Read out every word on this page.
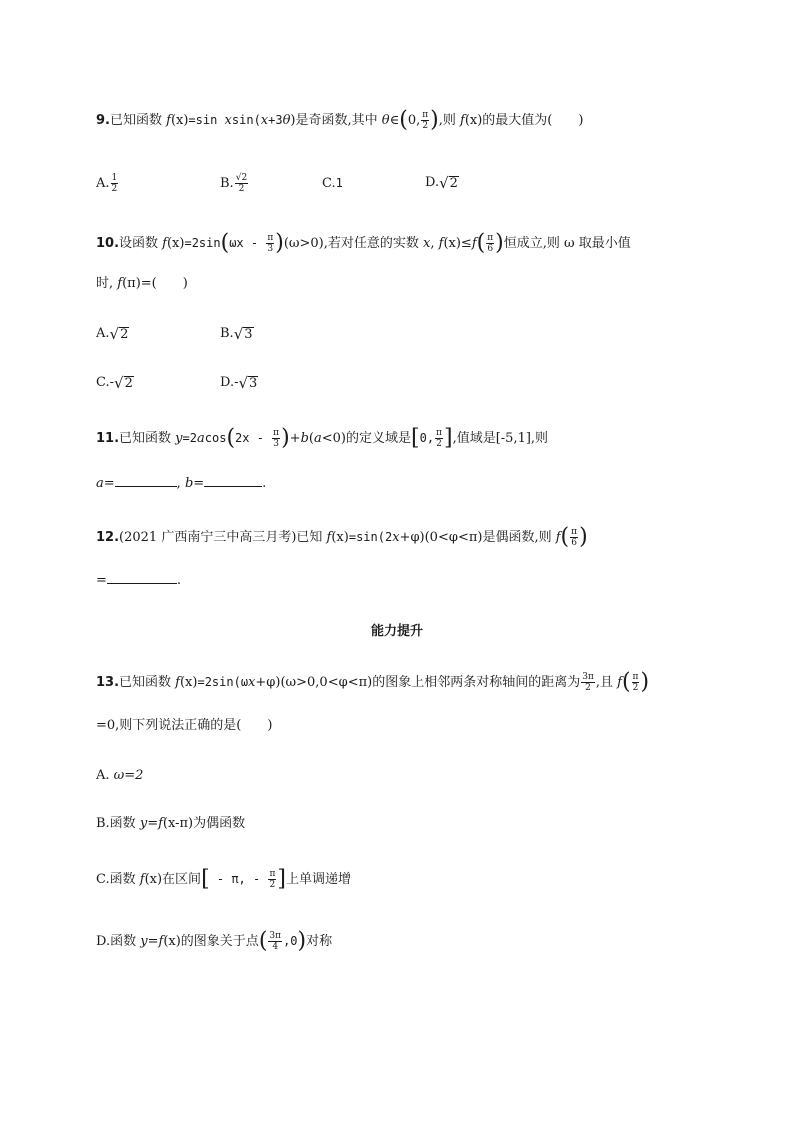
9.已知函数 f(x)=sin xsin(x+3θ)是奇函数,其中 θ∈(0, $\frac{\pi}{2}$ ),则 f(x)的最大值为(　　)
A. $\frac{1}{2}$	B. $\frac{√2}{2}$	C.1	D. √ 2
10.设函数 $f(x)=2\sin(\omega x - \frac{\pi}{3} )(\omega>0)$,若对任意的实数 x, $f(x)\le f( \frac{\pi}{6}$ )恒成立,则 ω 取最小值
时, f(π)=(　　)
A. √ 2	B. √ 3
C.- √ 2	D.- √ 3
11.已知函数 $y=2acos(2x - \frac{\pi}{3} )+b(a<0)$的定义域是[0, $\frac{\pi}{2}$ ],值域是[-5,1],则
a=	, b=	.
12.(2021 广西南宁三中高三月考)已知 f(x)=sin(2x+φ)(0<φ<π)是偶函数,则 $f( \frac{\pi}{6}$ )
=	.
能力提升
13.已知函数 f(x)=2sin(ωx+φ)(ω>0,0<φ<π)的图象上相邻两条对称轴间的距离为 $\frac{3\pi}{2}$ ,且 $f( \frac{\pi}{2}$ )
=0,则下列说法正确的是(　　)
A. ω=2
B.函数 y=f(x-π)为偶函数
C.函数 f(x)在区间[ - π, - $\frac{\pi}{2}$ ]上单调递增
D.函数 y=f(x)的图象关于点( $\frac{3\pi}{4} ,0$)对称
